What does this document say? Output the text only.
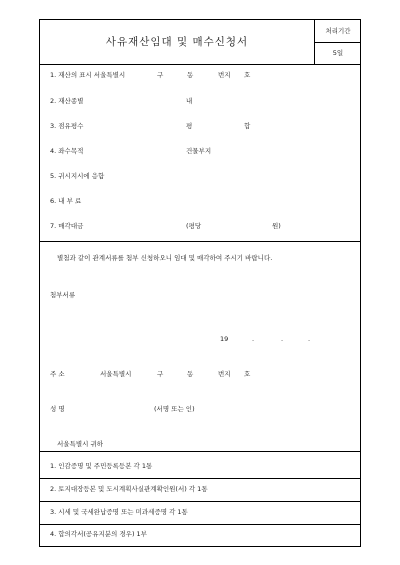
사유재산임대 및 매수신청서
처리기간
5일
1. 재산의 표시 서울특별시	구	동	번지 호
2. 재산종별	내
3. 점유평수	평	합
4. 좌수목적	건물부지
5. 귀시지시에 응함
6. 내 부 료
7. 매각대금	(평당	원)
별첨과 같이 관계서류를 첨부 신청하오니 임대 및 매각하여 주시기 바랍니다.
첨부서류
19	.	.	.
주 소	서울특별시	구	동	번지 호
성 명	(서명 또는 인)
서울특별시 귀하
1. 인감증명 및 주민등록등본 각 1통
2. 토지대장등본 및 도시계획사실관계확인원(서) 각 1통
3. 시세 및 국세완납증명 또는 미과세증명 각 1통
4. 합의각서(공유지분의 경우) 1부
